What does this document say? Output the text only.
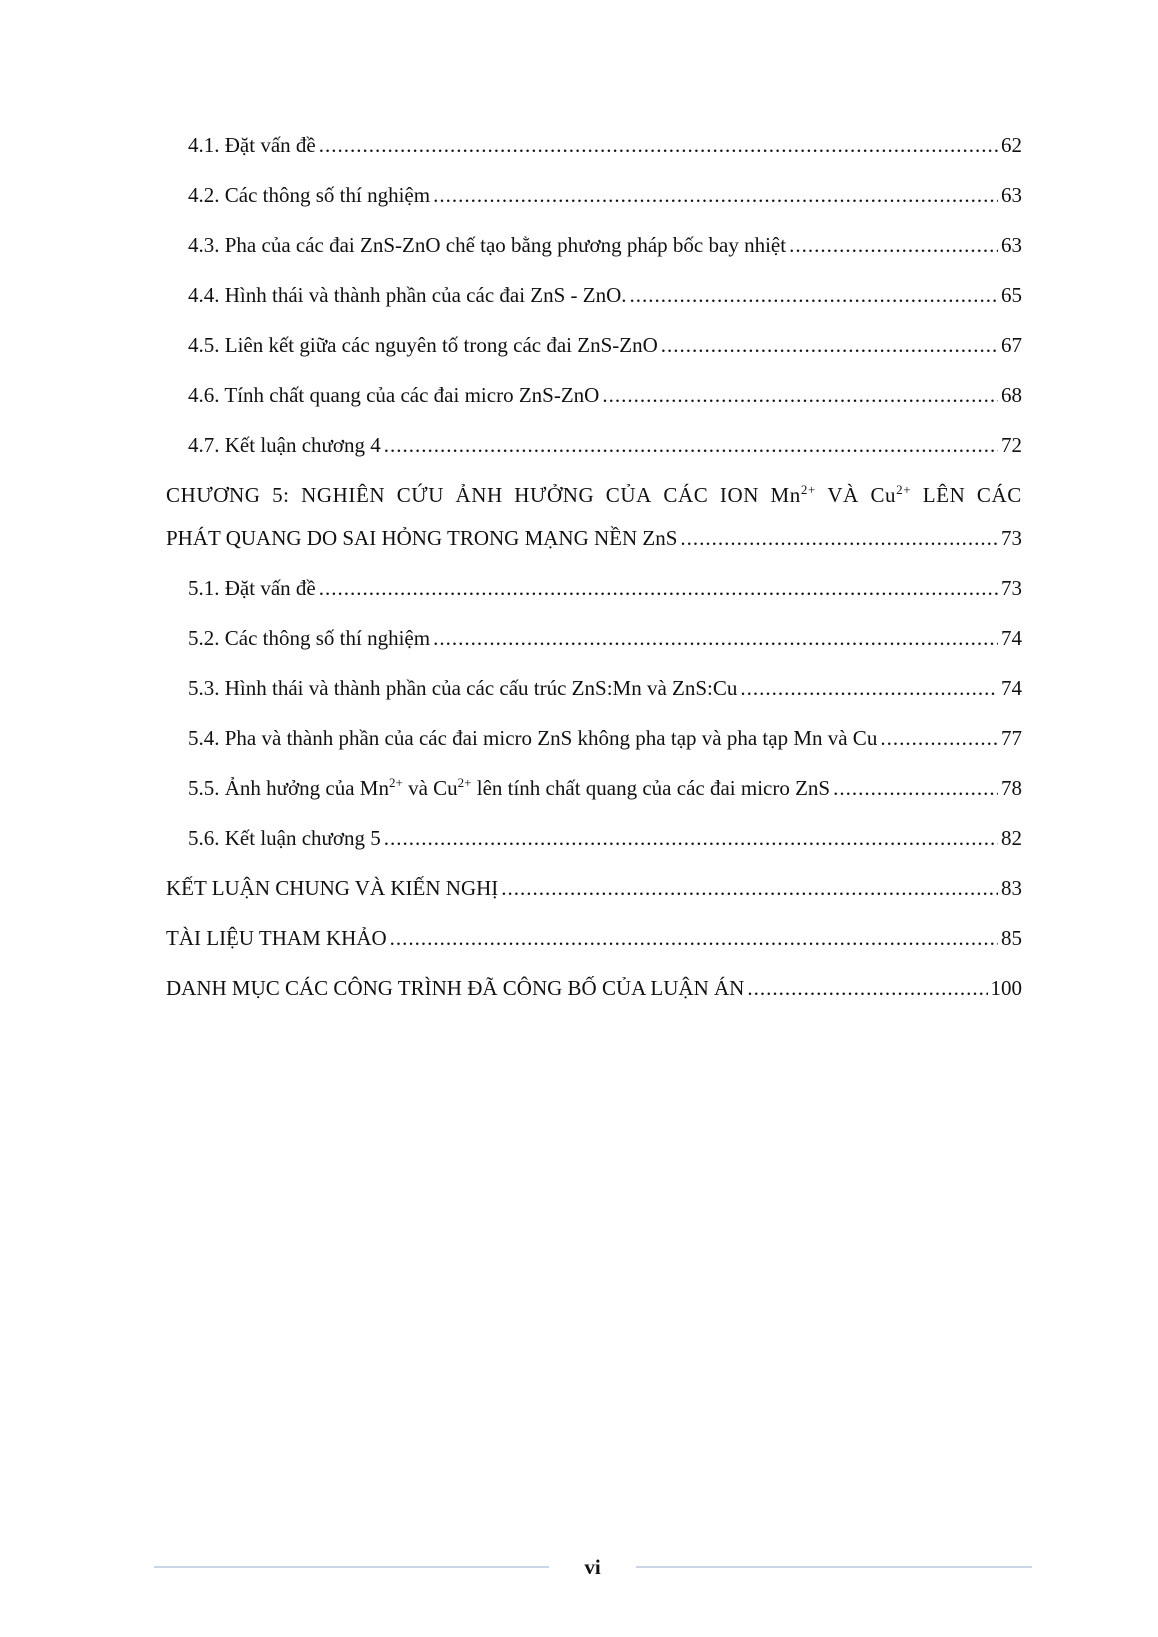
4.1. Đặt vấn đề .....	62
4.2. Các thông số thí nghiệm .....	63
4.3. Pha của các đai ZnS-ZnO chế tạo bằng phương pháp bốc bay nhiệt .....	63
4.4. Hình thái và thành phần của các đai ZnS - ZnO. .....	65
4.5. Liên kết giữa các nguyên tố trong các đai ZnS-ZnO .....	67
4.6. Tính chất quang của các đai micro ZnS-ZnO .....	68
4.7. Kết luận chương 4 .....	72
CHƯƠNG 5: NGHIÊN CỨU ẢNH HƯỞNG CỦA CÁC ION $Mn^{2+}$ VÀ $Cu^{2+}$ LÊN CÁC
PHÁT QUANG DO SAI HỎNG TRONG MẠNG NỀN ZnS .....	73
5.1. Đặt vấn đề .....	73
5.2. Các thông số thí nghiệm .....	74
5.3. Hình thái và thành phần của các cấu trúc ZnS:Mn và ZnS:Cu .....	74
5.4. Pha và thành phần của các đai micro ZnS không pha tạp và pha tạp Mn và Cu .....	77
5.5. Ảnh hưởng của $Mn^{2+}$ và $Cu^{2+}$ lên tính chất quang của các đai micro ZnS .....	78
5.6. Kết luận chương 5 .....	82
KẾT LUẬN CHUNG VÀ KIẾN NGHỊ .....	83
TÀI LIỆU THAM KHẢO .....	85
DANH MỤC CÁC CÔNG TRÌNH ĐÃ CÔNG BỐ CỦA LUẬN ÁN .....	100
vi
